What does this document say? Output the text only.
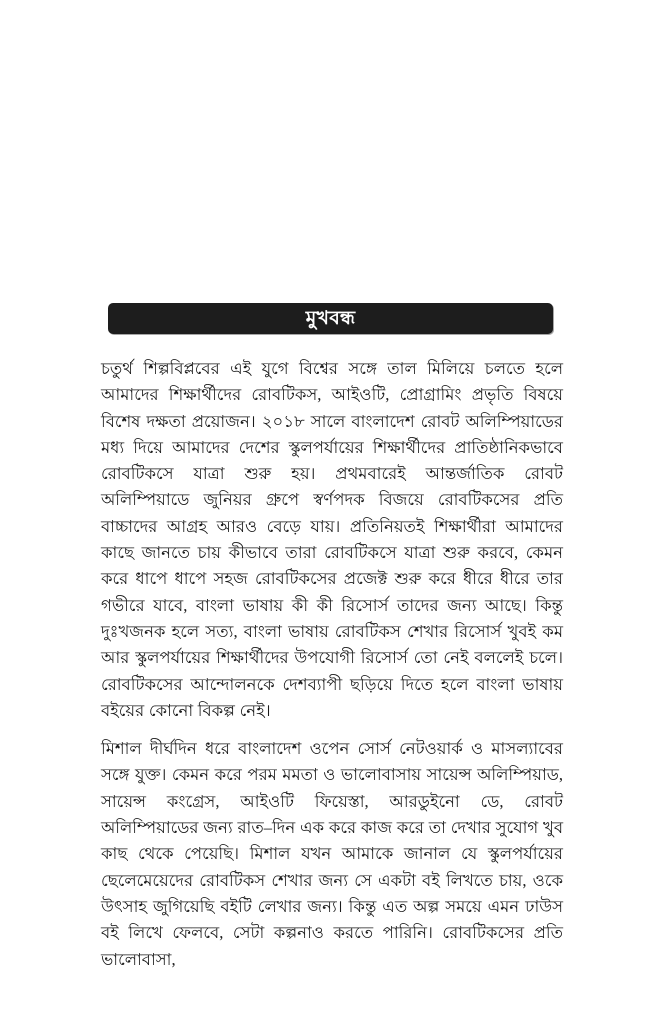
মুখবন্ধ

চতুর্থ শিল্পবিপ্লবের এই যুগে বিশ্বের সঙ্গে তাল মিলিয়ে চলতে হলে আমাদের শিক্ষার্থীদের রোবটিকস, আইওটি, প্রোগ্রামিং প্রভৃতি বিষয়ে বিশেষ দক্ষতা প্রয়োজন। ২০১৮ সালে বাংলাদেশ রোবট অলিম্পিয়াডের মধ্য দিয়ে আমাদের দেশের স্কুলপর্যায়ের শিক্ষার্থীদের প্রাতিষ্ঠানিকভাবে রোবটিকসে যাত্রা শুরু হয়। প্রথমবারেই আন্তর্জাতিক রোবট অলিম্পিয়াডে জুনিয়র গ্রুপে স্বর্ণপদক বিজয়ে রোবটিকসের প্রতি বাচ্চাদের আগ্রহ আরও বেড়ে যায়। প্রতিনিয়তই শিক্ষার্থীরা আমাদের কাছে জানতে চায় কীভাবে তারা রোবটিকসে যাত্রা শুরু করবে, কেমন করে ধাপে ধাপে সহজ রোবটিকসের প্রজেক্ট শুরু করে ধীরে ধীরে তার গভীরে যাবে, বাংলা ভাষায় কী কী রিসোর্স তাদের জন্য আছে। কিন্তু দুঃখজনক হলে সত্য, বাংলা ভাষায় রোবটিকস শেখার রিসোর্স খুবই কম আর স্কুলপর্যায়ের শিক্ষার্থীদের উপযোগী রিসোর্স তো নেই বললেই চলে। রোবটিকসের আন্দোলনকে দেশব্যাপী ছড়িয়ে দিতে হলে বাংলা ভাষায় বইয়ের কোনো বিকল্প নেই।

মিশাল দীর্ঘদিন ধরে বাংলাদেশ ওপেন সোর্স নেটওয়ার্ক ও মাসল্যাবের সঙ্গে যুক্ত। কেমন করে পরম মমতা ও ভালোবাসায় সায়েন্স অলিম্পিয়াড, সায়েন্স কংগ্রেস, আইওটি ফিয়েস্তা, আরডুইনো ডে, রোবট অলিম্পিয়াডের জন্য রাত–দিন এক করে কাজ করে তা দেখার সুযোগ খুব কাছ থেকে পেয়েছি। মিশাল যখন আমাকে জানাল যে স্কুলপর্যায়ের ছেলেমেয়েদের রোবটিকস শেখার জন্য সে একটা বই লিখতে চায়, ওকে উৎসাহ জুগিয়েছি বইটি লেখার জন্য। কিন্তু এত অল্প সময়ে এমন ঢাউস বই লিখে ফেলবে, সেটা কল্পনাও করতে পারিনি। রোবটিকসের প্রতি ভালোবাসা,
